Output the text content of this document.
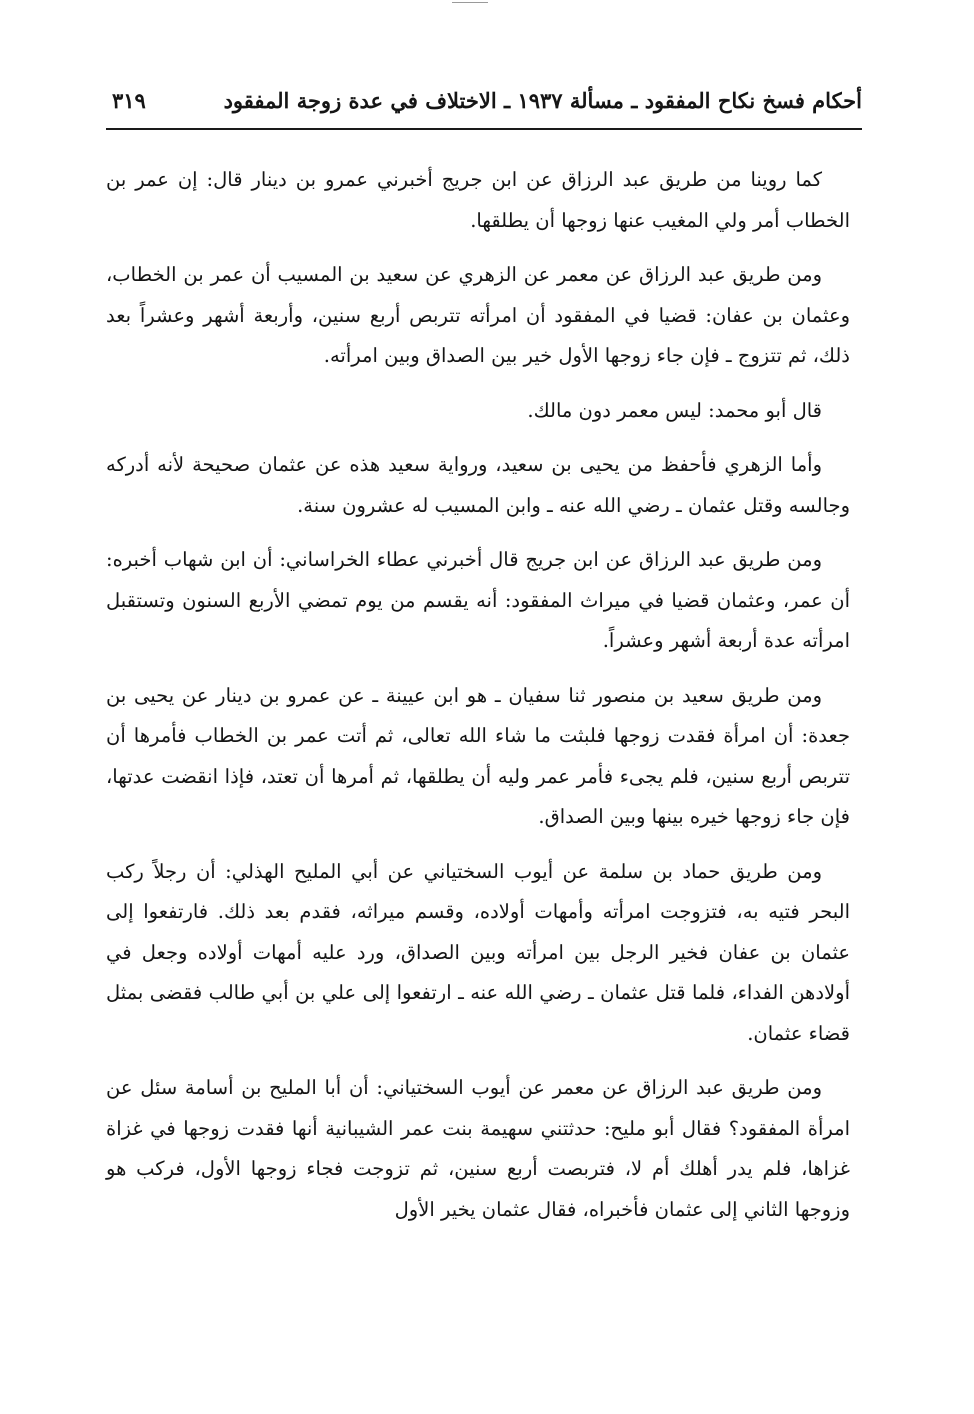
أحكام فسخ نكاح المفقود ـ مسألة ١٩٣٧ ـ الاختلاف في عدة زوجة المفقود
٣١٩

كما روينا من طريق عبد الرزاق عن ابن جريج أخبرني عمرو بن دينار قال: إن عمر بن الخطاب أمر ولي المغيب عنها زوجها أن يطلقها.

ومن طريق عبد الرزاق عن معمر عن الزهري عن سعيد بن المسيب أن عمر بن الخطاب، وعثمان بن عفان: قضيا في المفقود أن امرأته تتربص أربع سنين، وأربعة أشهر وعشراً بعد ذلك، ثم تتزوج ـ فإن جاء زوجها الأول خير بين الصداق وبين امرأته.

قال أبو محمد: ليس معمر دون مالك.

وأما الزهري فأحفظ من يحيى بن سعيد، ورواية سعيد هذه عن عثمان صحيحة لأنه أدركه وجالسه وقتل عثمان ـ رضي الله عنه ـ وابن المسيب له عشرون سنة.

ومن طريق عبد الرزاق عن ابن جريج قال أخبرني عطاء الخراساني: أن ابن شهاب أخبره: أن عمر، وعثمان قضيا في ميراث المفقود: أنه يقسم من يوم تمضي الأربع السنون وتستقبل امرأته عدة أربعة أشهر وعشراً.

ومن طريق سعيد بن منصور ثنا سفيان ـ هو ابن عيينة ـ عن عمرو بن دينار عن يحيى بن جعدة: أن امرأة فقدت زوجها فلبثت ما شاء الله تعالى، ثم أتت عمر بن الخطاب فأمرها أن تتربص أربع سنين، فلم يجىء فأمر عمر وليه أن يطلقها، ثم أمرها أن تعتد، فإذا انقضت عدتها، فإن جاء زوجها خيره بينها وبين الصداق.

ومن طريق حماد بن سلمة عن أيوب السختياني عن أبي المليح الهذلي: أن رجلاً ركب البحر فتيه به، فتزوجت امرأته وأمهات أولاده، وقسم ميراثه، فقدم بعد ذلك. فارتفعوا إلى عثمان بن عفان فخير الرجل بين امرأته وبين الصداق، ورد عليه أمهات أولاده وجعل في أولادهن الفداء، فلما قتل عثمان ـ رضي الله عنه ـ ارتفعوا إلى علي بن أبي طالب فقضى بمثل قضاء عثمان.

ومن طريق عبد الرزاق عن معمر عن أيوب السختياني: أن أبا المليح بن أسامة سئل عن امرأة المفقود؟ فقال أبو مليح: حدثتني سهيمة بنت عمر الشيبانية أنها فقدت زوجها في غزاة غزاها، فلم يدر أهلك أم لا، فتربصت أربع سنين، ثم تزوجت فجاء زوجها الأول، فركب هو وزوجها الثاني إلى عثمان فأخبراه، فقال عثمان يخير الأول
